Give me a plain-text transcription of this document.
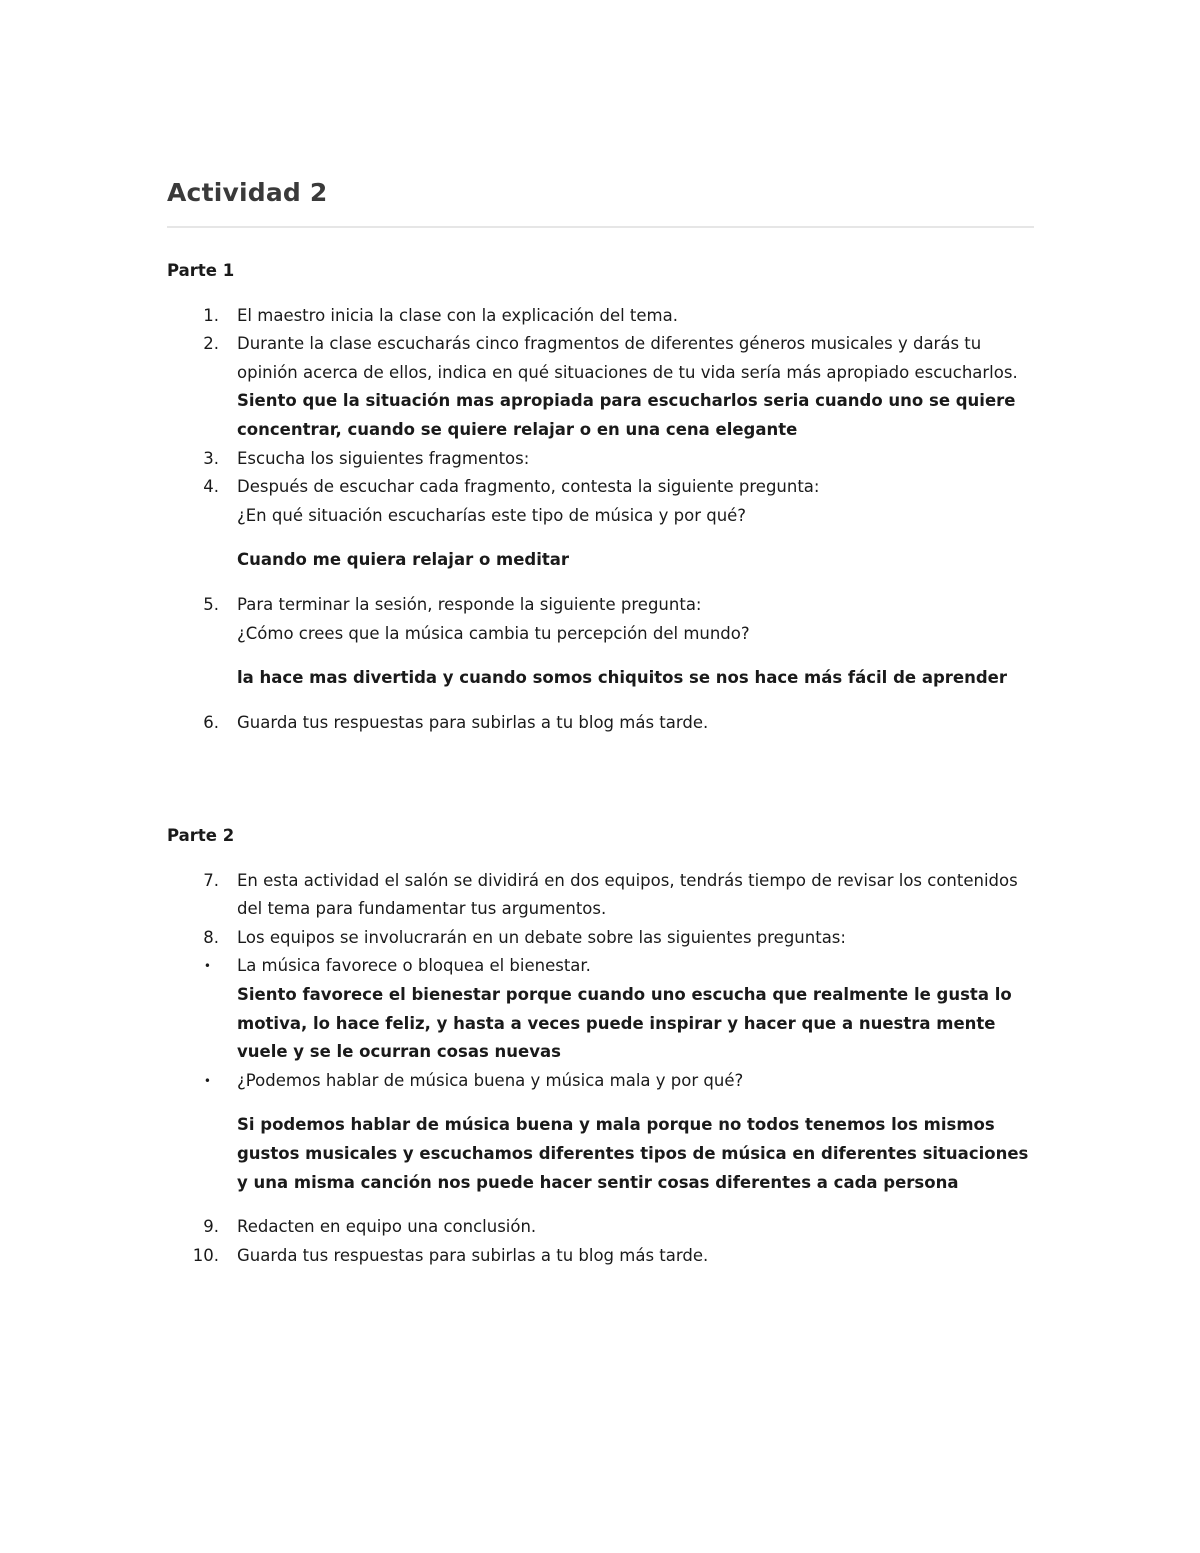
Actividad 2

Parte 1

1. El maestro inicia la clase con la explicación del tema.
2. Durante la clase escucharás cinco fragmentos de diferentes géneros musicales y darás tu opinión acerca de ellos, indica en qué situaciones de tu vida sería más apropiado escucharlos.
Siento que la situación mas apropiada para escucharlos seria cuando uno se quiere concentrar, cuando se quiere relajar o en una cena elegante
3. Escucha los siguientes fragmentos:
4. Después de escuchar cada fragmento, contesta la siguiente pregunta:
¿En qué situación escucharías este tipo de música y por qué?
Cuando me quiera relajar o meditar
5. Para terminar la sesión, responde la siguiente pregunta:
¿Cómo crees que la música cambia tu percepción del mundo?
la hace mas divertida y cuando somos chiquitos se nos hace más fácil de aprender
6. Guarda tus respuestas para subirlas a tu blog más tarde.

Parte 2

7. En esta actividad el salón se dividirá en dos equipos, tendrás tiempo de revisar los contenidos del tema para fundamentar tus argumentos.
8. Los equipos se involucrarán en un debate sobre las siguientes preguntas:
• La música favorece o bloquea el bienestar.
Siento favorece el bienestar porque cuando uno escucha que realmente le gusta lo motiva, lo hace feliz, y hasta a veces puede inspirar y hacer que a nuestra mente vuele y se le ocurran cosas nuevas
• ¿Podemos hablar de música buena y música mala y por qué?
Si podemos hablar de música buena y mala porque no todos tenemos los mismos gustos musicales y escuchamos diferentes tipos de música en diferentes situaciones y una misma canción nos puede hacer sentir cosas diferentes a cada persona
9. Redacten en equipo una conclusión.
10. Guarda tus respuestas para subirlas a tu blog más tarde.
